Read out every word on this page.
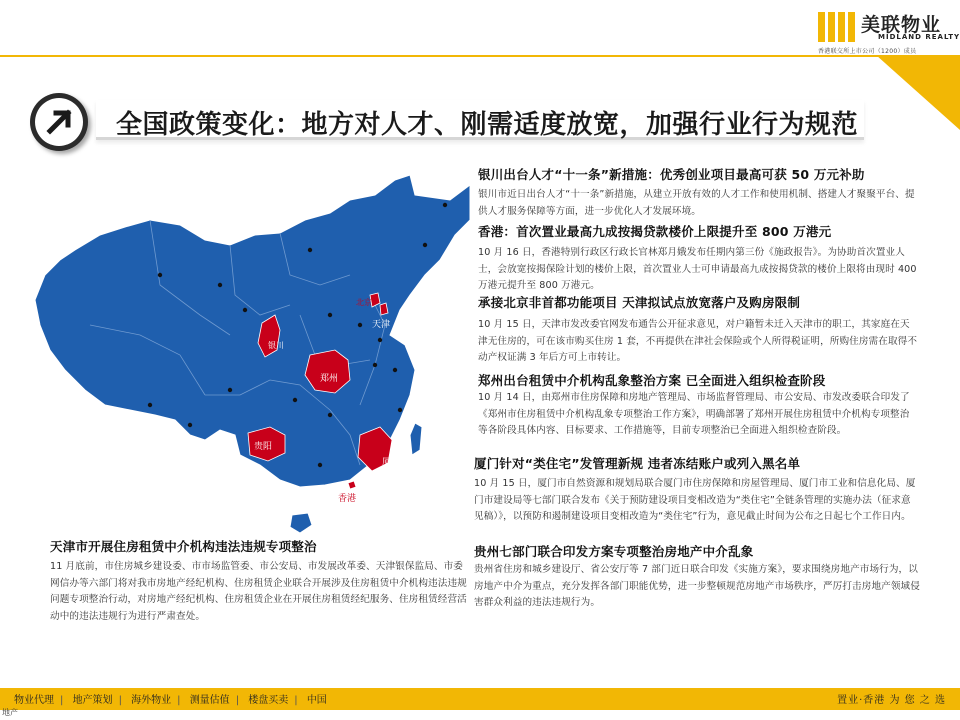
美联物业
MIDLAND REALTY
香港联交所上市公司（1200）成员
全国政策变化：地方对人才、刚需适度放宽，加强行业行为规范
银川
北京
天津
郑州
贵阳
厦门
香港
银川出台人才“十一条”新措施：优秀创业项目最高可获 50 万元补助

银川市近日出台人才“十一条”新措施，从建立开放有效的人才工作和使用机制、搭建人才聚聚平台、提供人才服务保障等方面，进一步优化人才发展环境。

香港：首次置业最高九成按揭贷款楼价上限提升至 800 万港元

10 月 16 日，香港特别行政区行政长官林郑月娥发布任期内第三份《施政报告》。为协助首次置业人士，会放宽按揭保险计划的楼价上限，首次置业人士可申请最高九成按揭贷款的楼价上限将由现时 400 万港元提升至 800 万港元。

承接北京非首都功能项目 天津拟试点放宽落户及购房限制

10 月 15 日，天津市发改委官网发布通告公开征求意见，对户籍暂未迁入天津市的职工，其家庭在天津无住房的，可在该市购买住房 1 套，不再提供在津社会保险或个人所得税证明，所购住房需在取得不动产权证满 3 年后方可上市转让。

郑州出台租赁中介机构乱象整治方案 已全面进入组织检查阶段

10 月 14 日，由郑州市住房保障和房地产管理局、市场监督管理局、市公安局、市发改委联合印发了《郑州市住房租赁中介机构乱象专项整治工作方案》，明确部署了郑州开展住房租赁中介机构专项整治等各阶段具体内容、目标要求、工作措施等，目前专项整治已全面进入组织检查阶段。

厦门针对“类住宅”发管理新规 违者冻结账户或列入黑名单

10 月 15 日，厦门市自然资源和规划局联合厦门市住房保障和房屋管理局、厦门市工业和信息化局、厦门市建设局等七部门联合发布《关于预防建设项目变相改造为“类住宅”全链条管理的实施办法（征求意见稿）》，以预防和遏制建设项目变相改造为“类住宅”行为，意见截止时间为公布之日起七个工作日内。

贵州七部门联合印发方案专项整治房地产中介乱象

贵州省住房和城乡建设厅、省公安厅等 7 部门近日联合印发《实施方案》，要求围绕房地产市场行为，以房地产中介为重点，充分发挥各部门职能优势，进一步整顿规范房地产市场秩序，严厉打击房地产领域侵害群众利益的违法违规行为。

天津市开展住房租赁中介机构违法违规专项整治

11 月底前，市住房城乡建设委、市市场监管委、市公安局、市发展改革委、天津银保监局、市委网信办等六部门将对我市房地产经纪机构、住房租赁企业联合开展涉及住房租赁中介机构违法违规问题专项整治行动，对房地产经纪机构、住房租赁企业在开展住房租赁经纪服务、住房租赁经营活动中的违法违规行为进行严肃查处。

物业代理 | 地产策划 | 海外物业 | 测量估值 | 楼盘买卖 | 中国	置业·香港 为 您 之 选
地产
